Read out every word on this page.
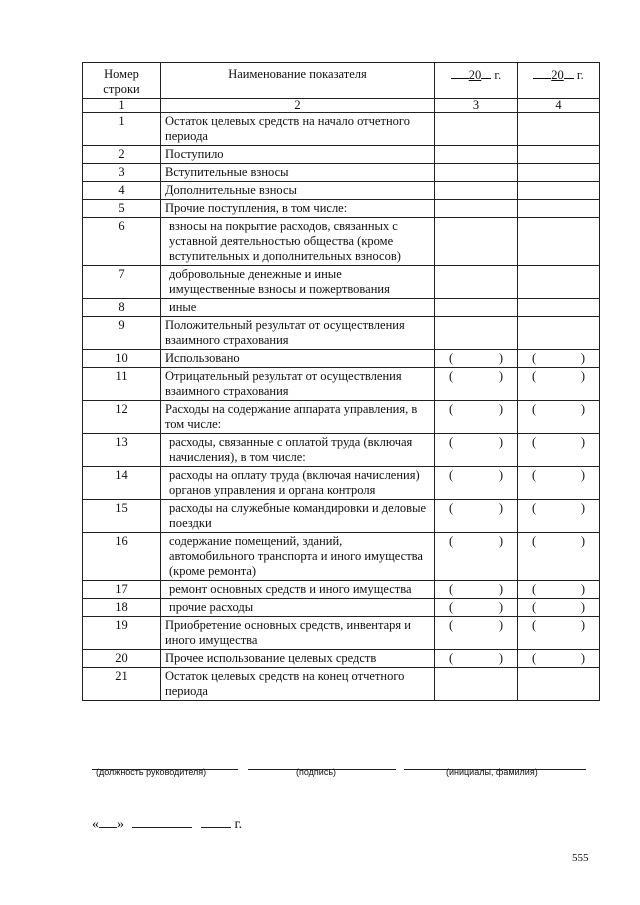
Номер строки	Наименование показателя	20 г.	20 г.
1	2	3	4
1	Остаток целевых средств на начало отчетного периода		
2	Поступило		
3	Вступительные взносы		
4	Дополнительные взносы		
5	Прочие поступления, в том числе:		
6	взносы на покрытие расходов, связанных с уставной деятельностью общества (кроме вступительных и дополнительных взносов)		
7	добровольные денежные и иные имущественные взносы и пожертвования		
8	иные		
9	Положительный результат от осуществления взаимного страхования		
10	Использовано	( )	( )

11	Отрицательный результат от осуществления взаимного страхования	( )	( )

12	Расходы на содержание аппарата управления, в том числе:	( )	( )

13	расходы, связанные с оплатой труда (включая начисления), в том числе:	( )	( )

14	расходы на оплату труда (включая начисления) органов управления и органа контроля	( )	( )

15	расходы на служебные командировки и деловые поездки	( )	( )

16	содержание помещений, зданий, автомобильного транспорта и иного имущества (кроме ремонта)	( )	( )

17	ремонт основных средств и иного имущества	( )	( )

18	прочие расходы	( )	( )

19	Приобретение основных средств, инвентаря и иного имущества	( )	( )

20	Прочее использование целевых средств	( )	( )

21	Остаток целевых средств на конец отчетного периода		
(должность руководителя)	(подпись)	(инициалы, фамилия)
« »	г.
555
